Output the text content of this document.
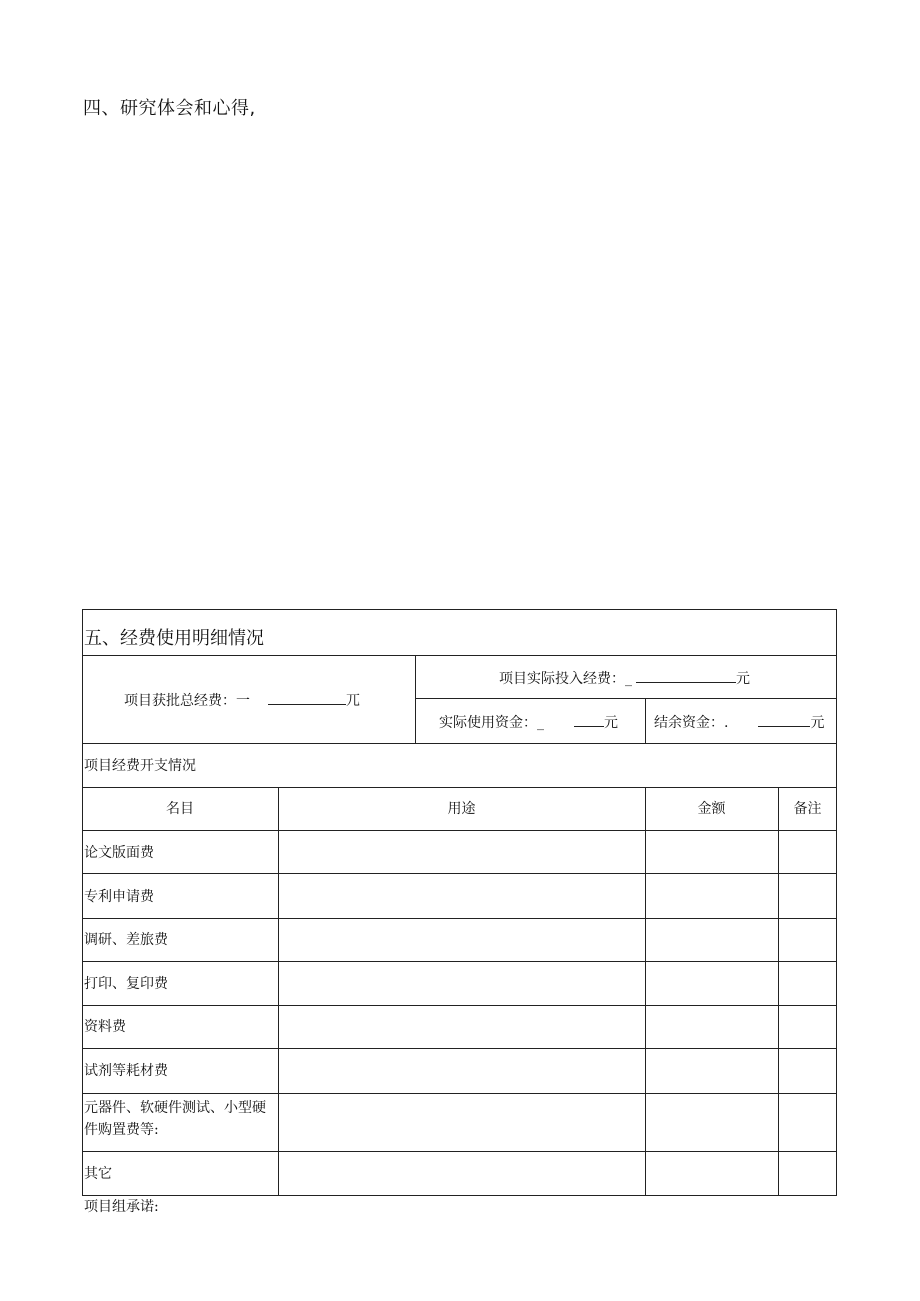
四、研究体会和心得,
五、经费使用明细情况
项目获批总经费：一	兀
项目实际投入经费：_	元
实际使用资金：_	元	结余资金：.	元
项目经费开支情况
名目	用途	金额	备注
论文版面费
专利申请费
调研、差旅费
打印、复印费
资料费
试剂等耗材费
元器件、软硬件测试、小型硬件购置费等:
其它
项目组承诺:
